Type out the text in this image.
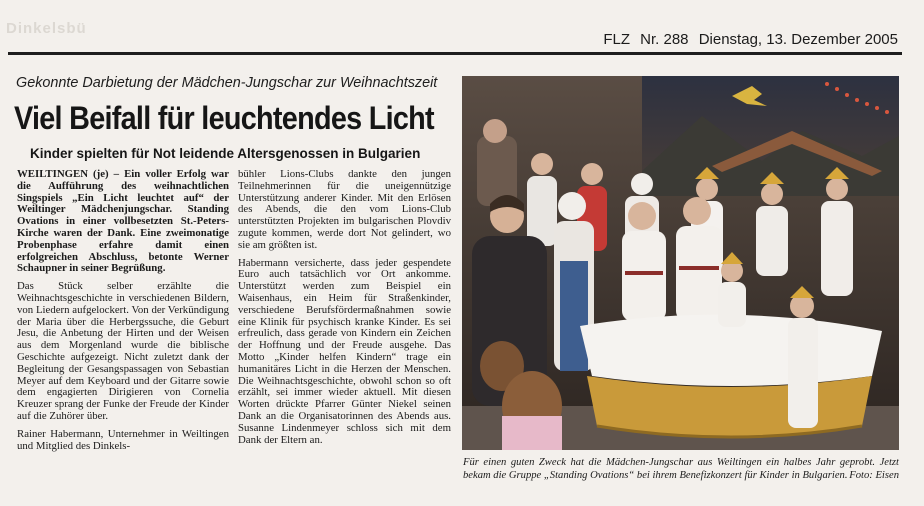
Dinkelsbü
FLZ Nr. 288 Dienstag, 13. Dezember 2005
Gekonnte Darbietung der Mädchen-Jungschar zur Weihnachtszeit
Viel Beifall für leuchtendes Licht
Kinder spielten für Not leidende Altersgenossen in Bulgarien

WEILTINGEN (je) – Ein voller Erfolg war die Aufführung des weihnachtlichen Singspiels „Ein Licht leuchtet auf“ der Weiltinger Mädchenjungschar. Standing Ovations in einer vollbesetzten St.-Peters-Kirche waren der Dank. Eine zweimonatige Probenphase erfahre damit einen erfolgreichen Abschluss, betonte Werner Schaupner in seiner Begrüßung.

Das Stück selber erzählte die Weihnachtsgeschichte in verschiedenen Bildern, von Liedern aufgelockert. Von der Verkündigung der Maria über die Herbergssuche, die Geburt Jesu, die Anbetung der Hirten und der Weisen aus dem Morgenland wurde die biblische Geschichte aufgezeigt. Nicht zuletzt dank der Begleitung der Gesangspassagen von Sebastian Meyer auf dem Keyboard und der Gitarre sowie dem engagierten Dirigieren von Cornelia Kreuzer sprang der Funke der Freude der Kinder auf die Zuhörer über.

Rainer Habermann, Unternehmer in Weiltingen und Mitglied des Dinkels-

bühler Lions-Clubs dankte den jungen Teilnehmerinnen für die uneigennützige Unterstützung anderer Kinder. Mit den Erlösen des Abends, die den vom Lions-Club unterstützten Projekten im bulgarischen Plovdiv zugute kommen, werde dort Not gelindert, wo sie am größten ist.

Habermann versicherte, dass jeder gespendete Euro auch tatsächlich vor Ort ankomme. Unterstützt werden zum Beispiel ein Waisenhaus, ein Heim für Straßenkinder, verschiedene Berufsfördermaßnahmen sowie eine Klinik für psychisch kranke Kinder. Es sei erfreulich, dass gerade von Kindern ein Zeichen der Hoffnung und der Freude ausgehe. Das Motto „Kinder helfen Kindern“ trage ein humanitäres Licht in die Herzen der Menschen. Die Weihnachtsgeschichte, obwohl schon so oft erzählt, sei immer wieder aktuell. Mit diesen Worten drückte Pfarrer Günter Niekel seinen Dank an die Organisatorinnen des Abends aus. Susanne Lindenmeyer schloss sich mit dem Dank der Eltern an.

Für einen guten Zweck hat die Mädchen-Jungschar aus Weiltingen ein halbes Jahr geprobt. Jetzt bekam die Gruppe „Standing Ovations“ bei ihrem Benefizkonzert für Kinder in Bulgarien. Foto: Eisen
